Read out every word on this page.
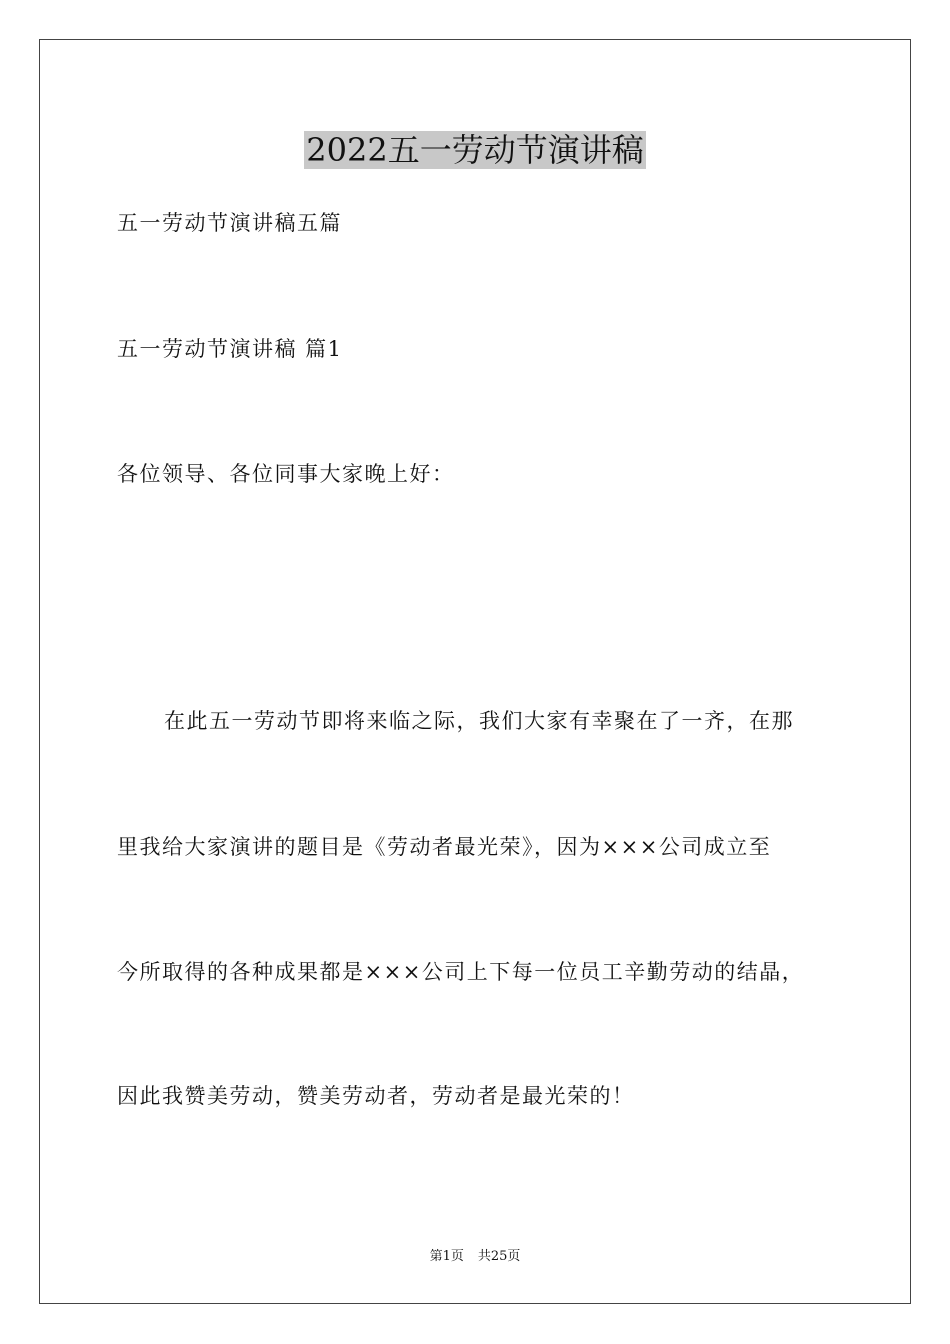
2022五一劳动节演讲稿
五一劳动节演讲稿五篇
五一劳动节演讲稿 篇1
各位领导、各位同事大家晚上好：
在此五一劳动节即将来临之际，我们大家有幸聚在了一齐，在那
里我给大家演讲的题目是《劳动者最光荣》，因为×××公司成立至
今所取得的各种成果都是×××公司上下每一位员工辛勤劳动的结晶，
因此我赞美劳动，赞美劳动者，劳动者是最光荣的！
第1页 共25页
